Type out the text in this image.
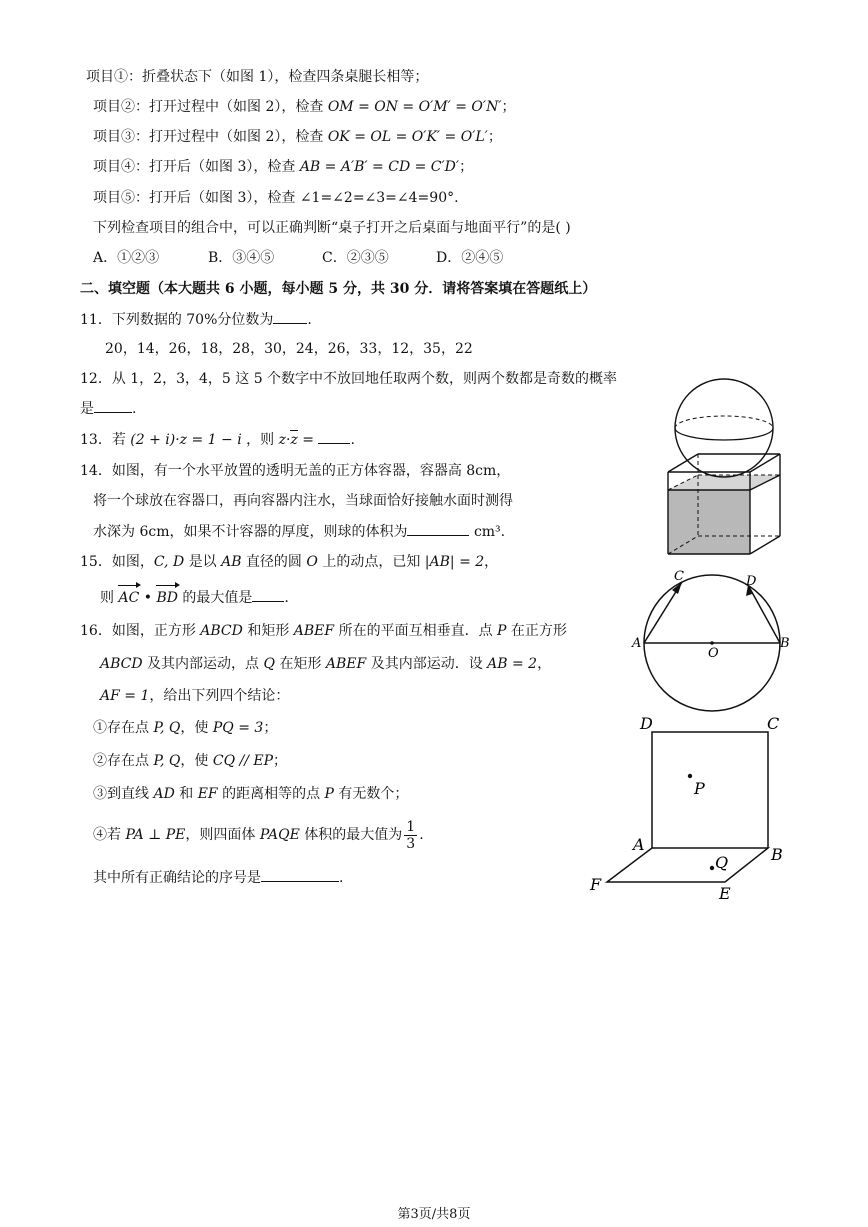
项目①：折叠状态下（如图 1），检查四条桌腿长相等；
项目②：打开过程中（如图 2），检查 OM = ON = O′M′ = O′N′；
项目③：打开过程中（如图 2），检查 OK = OL = O′K′ = O′L′；
项目④：打开后（如图 3），检查 AB = A′B′ = CD = C′D′；
项目⑤：打开后（如图 3），检查 ∠1=∠2=∠3=∠4=90°.
下列检查项目的组合中，可以正确判断“桌子打开之后桌面与地面平行”的是( )
A．①②③	B．③④⑤	C．②③⑤	D．②④⑤
二、填空题（本大题共 6 小题，每小题 5 分，共 30 分．请将答案填在答题纸上）
11．下列数据的 70%分位数为 .
20，14，26，18，28，30，24，26，33，12，35，22
12．从 1，2，3，4，5 这 5 个数字中不放回地任取两个数，则两个数都是奇数的概率
是	.
13．若 (2 + i)·z = 1 − i ，则 z·z = .
14．如图，有一个水平放置的透明无盖的正方体容器，容器高 8cm，
将一个球放在容器口，再向容器内注水，当球面恰好接触水面时测得
水深为 6cm，如果不计容器的厚度，则球的体积为	cm³.
15．如图，C, D 是以 AB 直径的圆 O 上的动点，已知 |AB| = 2，
则 AC • BD 的最大值是 .
16．如图，正方形 ABCD 和矩形 ABEF 所在的平面互相垂直．点 P 在正方形
ABCD 及其内部运动，点 Q 在矩形 ABEF 及其内部运动．设 AB = 2，
AF = 1，给出下列四个结论：
①存在点 P, Q，使 PQ = 3；
②存在点 P, Q，使 CQ // EP；
③到直线 AD 和 EF 的距离相等的点 P 有无数个；
④若 PA ⊥ PE，则四面体 PAQE 体积的最大值为 $\frac{1}{3}$ .
其中所有正确结论的序号是	.
A	B
C	D
O
D	C
A
B
F	E
P
Q
第3页/共8页
